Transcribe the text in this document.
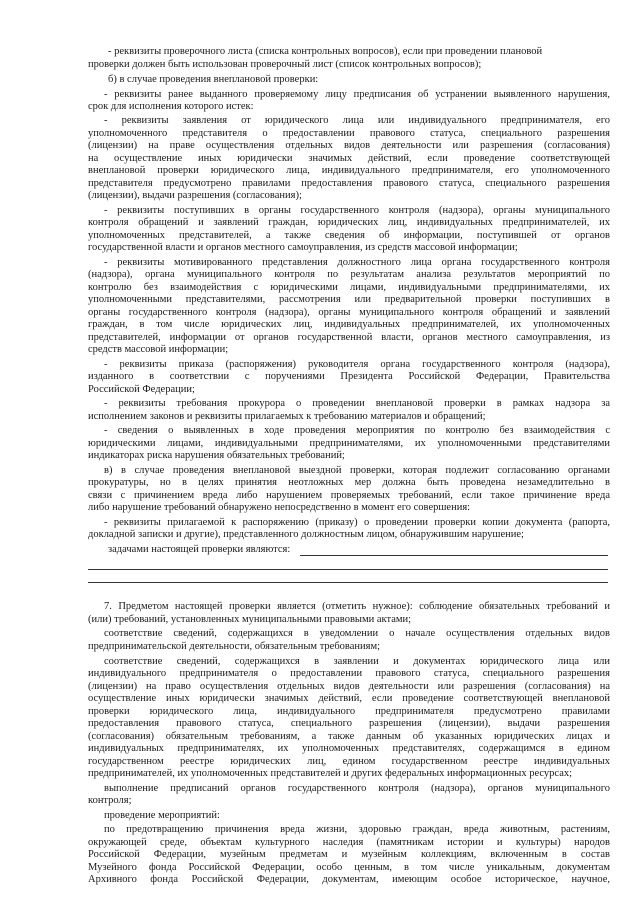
- реквизиты проверочного листа (списка контрольных вопросов), если при проведении плановой
проверки должен быть использован проверочный лист (список контрольных вопросов);
б) в случае проведения внеплановой проверки:
- реквизиты ранее выданного проверяемому лицу предписания об устранении выявленного нарушения,
срок для исполнения которого истек:
- реквизиты заявления от юридического лица или индивидуального предпринимателя, его
уполномоченного представителя о предоставлении правового статуса, специального разрешения
(лицензии) на праве осуществления отдельных видов деятельности или разрешения (согласования)
на осуществление иных юридически значимых действий, если проведение соответствующей
внеплановой проверки юридического лица, индивидуального предпринимателя, его уполномоченного
представителя предусмотрено правилами предоставления правового статуса, специального разрешения
(лицензии), выдачи разрешения (согласования);
- реквизиты поступивших в органы государственного контроля (надзора), органы муниципального
контроля обращений и заявлений граждан, юридических лиц, индивидуальных предпринимателей, их
уполномоченных представителей, а также сведения об информации, поступившей от органов
государственной власти и органов местного самоуправления, из средств массовой информации;
- реквизиты мотивированного представления должностного лица органа государственного контроля
(надзора), органа муниципального контроля по результатам анализа результатов мероприятий по
контролю без взаимодействия с юридическими лицами, индивидуальными предпринимателями, их
уполномоченными представителями, рассмотрения или предварительной проверки поступивших в
органы государственного контроля (надзора), органы муниципального контроля обращений и заявлений
граждан, в том числе юридических лиц, индивидуальных предпринимателей, их уполномоченных
представителей, информации от органов государственной власти, органов местного самоуправления, из
средств массовой информации;
- реквизиты приказа (распоряжения) руководителя органа государственного контроля (надзора),
изданного в соответствии с поручениями Президента Российской Федерации, Правительства
Российской Федерации;
- реквизиты требования прокурора о проведении внеплановой проверки в рамках надзора за
исполнением законов и реквизиты прилагаемых к требованию материалов и обращений;
- сведения о выявленных в ходе проведения мероприятия по контролю без взаимодействия с
юридическими лицами, индивидуальными предпринимателями, их уполномоченными представителями
индикаторах риска нарушения обязательных требований;
в) в случае проведения внеплановой выездной проверки, которая подлежит согласованию органами
прокуратуры, но в целях принятия неотложных мер должна быть проведена незамедлительно в
связи с причинением вреда либо нарушением проверяемых требований, если такое причинение вреда
либо нарушение требований обнаружено непосредственно в момент его совершения:
- реквизиты прилагаемой к распоряжению (приказу) о проведении проверки копии документа (рапорта,
докладной записки и другие), представленного должностным лицом, обнаружившим нарушение;
задачами настоящей проверки являются:
7. Предметом настоящей проверки является (отметить нужное): соблюдение обязательных требований и
(или) требований, установленных муниципальными правовыми актами;
соответствие сведений, содержащихся в уведомлении о начале осуществления отдельных видов
предпринимательской деятельности, обязательным требованиям;
соответствие сведений, содержащихся в заявлении и документах юридического лица или
индивидуального предпринимателя о предоставлении правового статуса, специального разрешения
(лицензии) на право осуществления отдельных видов деятельности или разрешения (согласования) на
осуществление иных юридически значимых действий, если проведение соответствующей внеплановой
проверки юридического лица, индивидуального предпринимателя предусмотрено правилами
предоставления правового статуса, специального разрешения (лицензии), выдачи разрешения
(согласования) обязательным требованиям, а также данным об указанных юридических лицах и
индивидуальных предпринимателях, их уполномоченных представителях, содержащимся в едином
государственном реестре юридических лиц, едином государственном реестре индивидуальных
предпринимателей, их уполномоченных представителей и других федеральных информационных ресурсах;
выполнение предписаний органов государственного контроля (надзора), органов муниципального
контроля;
проведение мероприятий:
по предотвращению причинения вреда жизни, здоровью граждан, вреда животным, растениям,
окружающей среде, объектам культурного наследия (памятникам истории и культуры) народов
Российской Федерации, музейным предметам и музейным коллекциям, включенным в состав
Музейного фонда Российской Федерации, особо ценным, в том числе уникальным, документам
Архивного фонда Российской Федерации, документам, имеющим особое историческое, научное,
